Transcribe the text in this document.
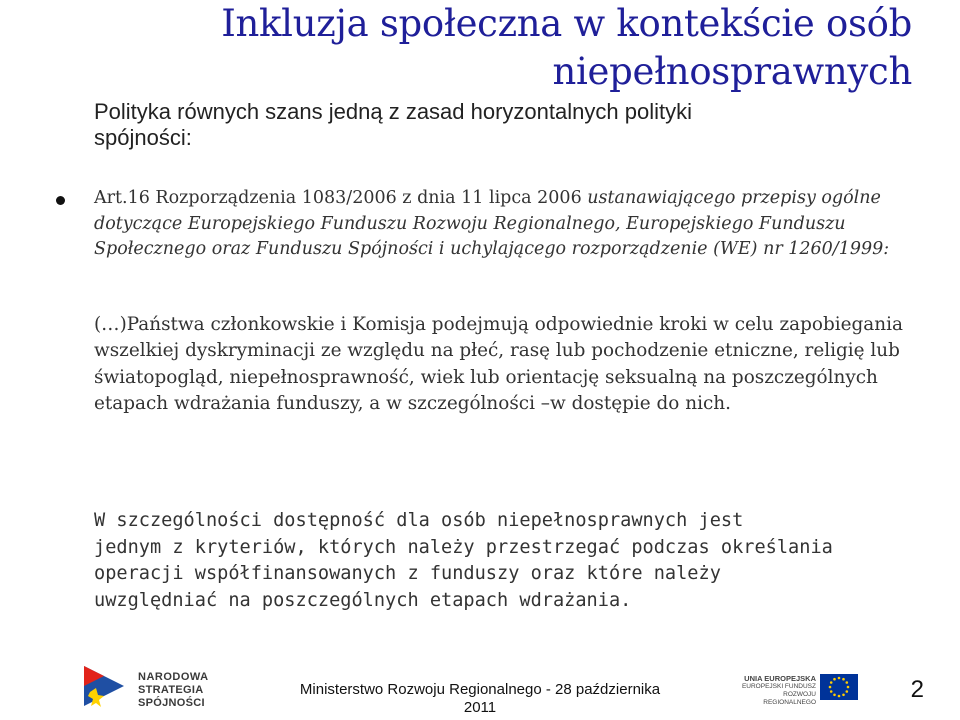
Inkluzja społeczna w kontekście osób
niepełnosprawnych
Polityka równych szans jedną z zasad horyzontalnych polityki
spójności:
Art.16 Rozporządzenia 1083/2006 z dnia 11 lipca 2006 ustanawiającego przepisy ogólne dotyczące Europejskiego Funduszu Rozwoju Regionalnego, Europejskiego Funduszu Społecznego oraz Funduszu Spójności i uchylającego rozporządzenie (WE) nr 1260/1999:
(…)Państwa członkowskie i Komisja podejmują odpowiednie kroki w celu zapobiegania wszelkiej dyskryminacji ze względu na płeć, rasę lub pochodzenie etniczne, religię lub światopogląd, niepełnosprawność, wiek lub orientację seksualną na poszczególnych etapach wdrażania funduszy, a w szczególności –w dostępie do nich.
W szczególności dostępność dla osób niepełnosprawnych jest
jednym z kryteriów, których należy przestrzegać podczas określania
operacji współfinansowanych z funduszy oraz które należy
uwzględniać na poszczególnych etapach wdrażania.
NARODOWA
STRATEGIA SPÓJNOŚCI
Ministerstwo Rozwoju Regionalnego - 28 października
2011
UNIA EUROPEJSKA
EUROPEJSKI FUNDUSZ
ROZWOJU REGIONALNEGO	2
